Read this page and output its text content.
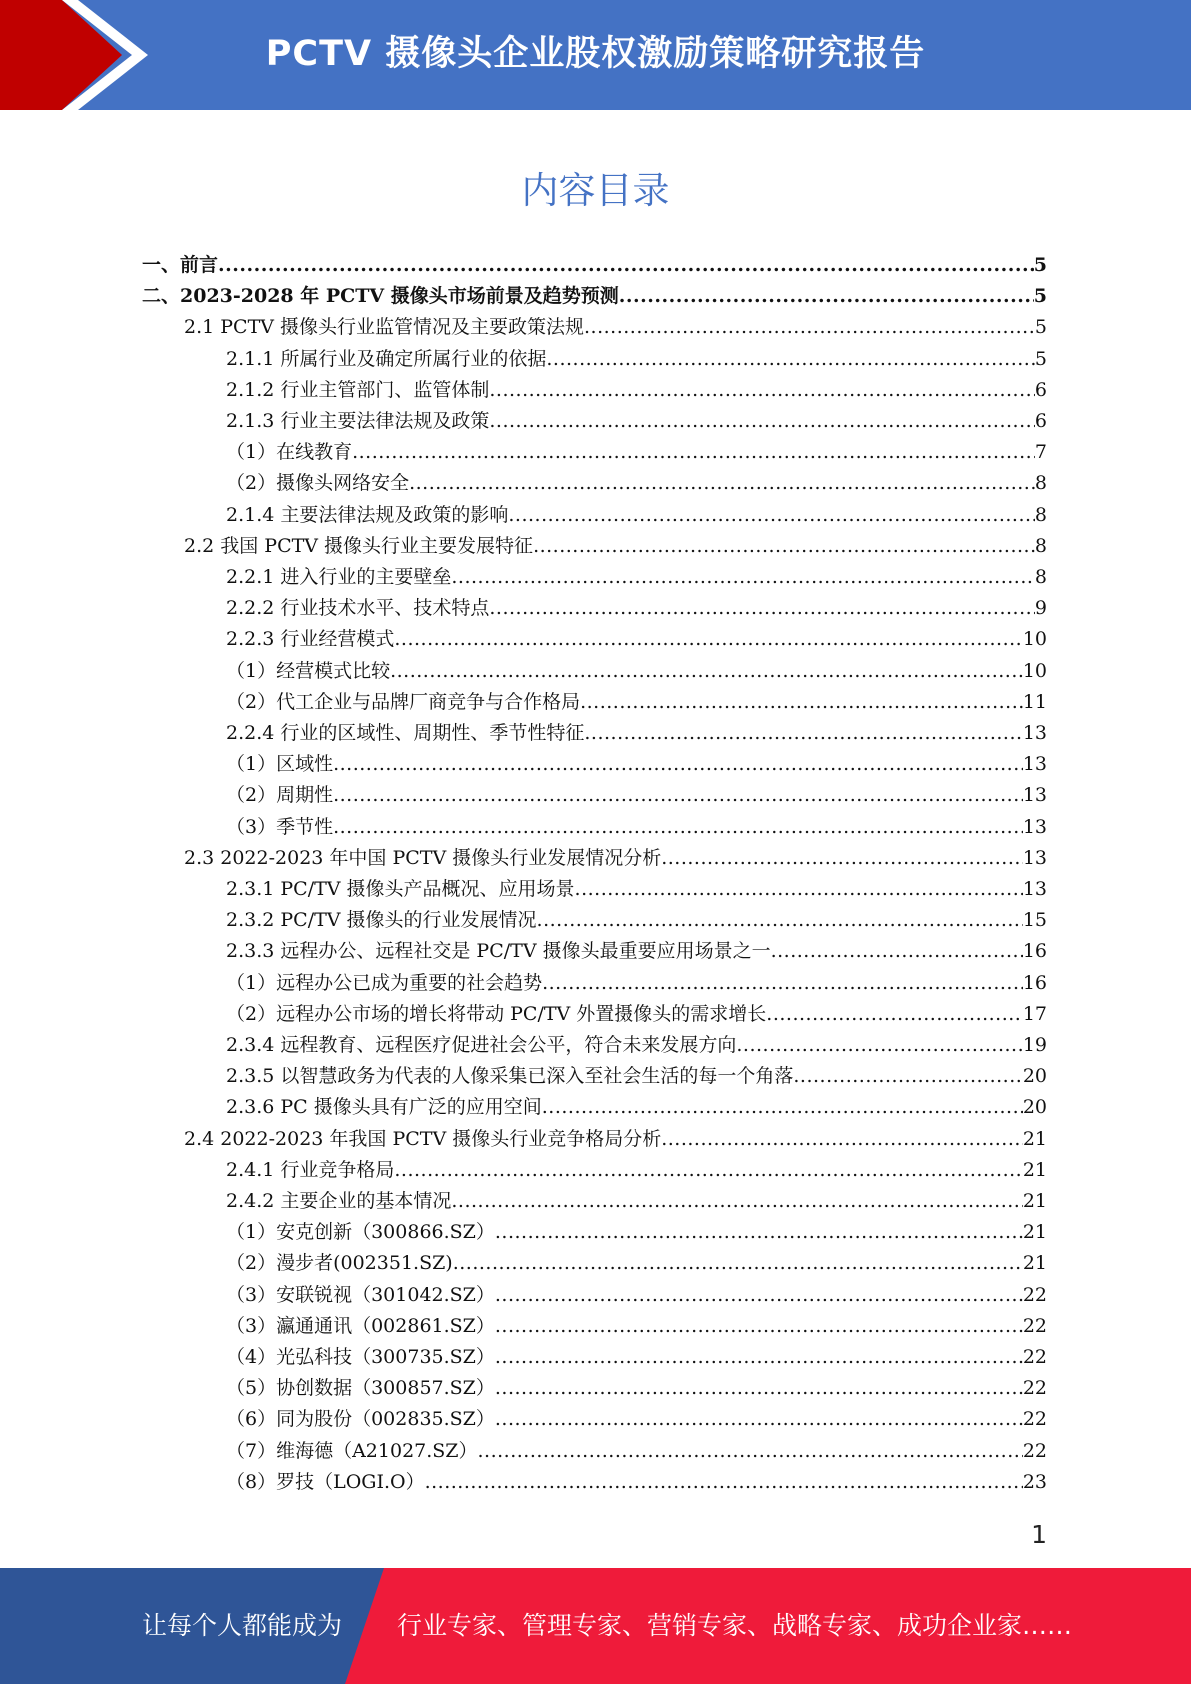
PCTV 摄像头企业股权激励策略研究报告
内容目录
一、前言 .....	5
二、2023-2028 年 PCTV 摄像头市场前景及趋势预测 .....	5
2.1 PCTV 摄像头行业监管情况及主要政策法规 .....	5
2.1.1 所属行业及确定所属行业的依据 .....	5
2.1.2 行业主管部门、监管体制 .....	6
2.1.3 行业主要法律法规及政策 .....	6
（1）在线教育 .....	7
（2）摄像头网络安全 .....	8
2.1.4 主要法律法规及政策的影响 .....	8
2.2 我国 PCTV 摄像头行业主要发展特征 .....	8
2.2.1 进入行业的主要壁垒 .....	8
2.2.2 行业技术水平、技术特点 .....	9
2.2.3 行业经营模式 .....	10
（1）经营模式比较 .....	10
（2）代工企业与品牌厂商竞争与合作格局 .....	11
2.2.4 行业的区域性、周期性、季节性特征 .....	13
（1）区域性 .....	13
（2）周期性 .....	13
（3）季节性 .....	13
2.3 2022-2023 年中国 PCTV 摄像头行业发展情况分析 .....	13
2.3.1 PC/TV 摄像头产品概况、应用场景 .....	13
2.3.2 PC/TV 摄像头的行业发展情况 .....	15
2.3.3 远程办公、远程社交是 PC/TV 摄像头最重要应用场景之一 .....	16
（1）远程办公已成为重要的社会趋势 .....	16
（2）远程办公市场的增长将带动 PC/TV 外置摄像头的需求增长 .....	17
2.3.4 远程教育、远程医疗促进社会公平，符合未来发展方向 .....	19
2.3.5 以智慧政务为代表的人像采集已深入至社会生活的每一个角落 .....	20
2.3.6 PC 摄像头具有广泛的应用空间 .....	20
2.4 2022-2023 年我国 PCTV 摄像头行业竞争格局分析 .....	21
2.4.1 行业竞争格局 .....	21
2.4.2 主要企业的基本情况 .....	21
（1）安克创新（300866.SZ） .....	21
（2）漫步者(002351.SZ) .....	21
（3）安联锐视（301042.SZ） .....	22
（3）瀛通通讯（002861.SZ） .....	22
（4）光弘科技（300735.SZ） .....	22
（5）协创数据（300857.SZ） .....	22
（6）同为股份（002835.SZ） .....	22
（7）维海德（A21027.SZ） .....	22
（8）罗技（LOGI.O） .....	23
1
让每个人都能成为 行业专家、管理专家、营销专家、战略专家、成功企业家……
